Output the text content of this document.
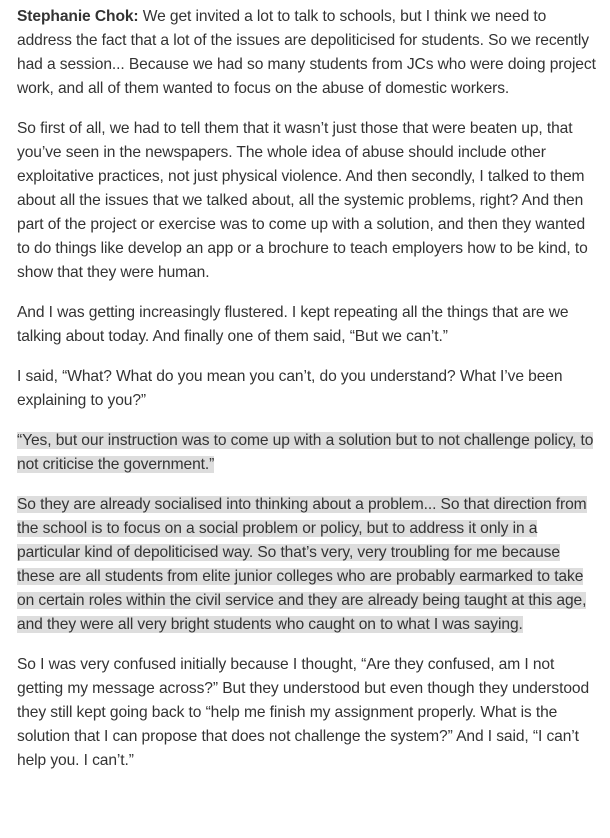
Stephanie Chok: We get invited a lot to talk to schools, but I think we need to address the fact that a lot of the issues are depoliticised for students. So we recently had a session... Because we had so many students from JCs who were doing project work, and all of them wanted to focus on the abuse of domestic workers.

So first of all, we had to tell them that it wasn’t just those that were beaten up, that you’ve seen in the newspapers. The whole idea of abuse should include other exploitative practices, not just physical violence. And then secondly, I talked to them about all the issues that we talked about, all the systemic problems, right? And then part of the project or exercise was to come up with a solution, and then they wanted to do things like develop an app or a brochure to teach employers how to be kind, to show that they were human.

And I was getting increasingly flustered. I kept repeating all the things that are we talking about today. And finally one of them said, “But we can’t.”

I said, “What? What do you mean you can’t, do you understand? What I’ve been explaining to you?”

“Yes, but our instruction was to come up with a solution but to not challenge policy, to not criticise the government.”

So they are already socialised into thinking about a problem... So that direction from the school is to focus on a social problem or policy, but to address it only in a particular kind of depoliticised way. So that’s very, very troubling for me because these are all students from elite junior colleges who are probably earmarked to take on certain roles within the civil service and they are already being taught at this age, and they were all very bright students who caught on to what I was saying.

So I was very confused initially because I thought, “Are they confused, am I not getting my message across?” But they understood but even though they understood they still kept going back to “help me finish my assignment properly. What is the solution that I can propose that does not challenge the system?” And I said, “I can’t help you. I can’t.”
